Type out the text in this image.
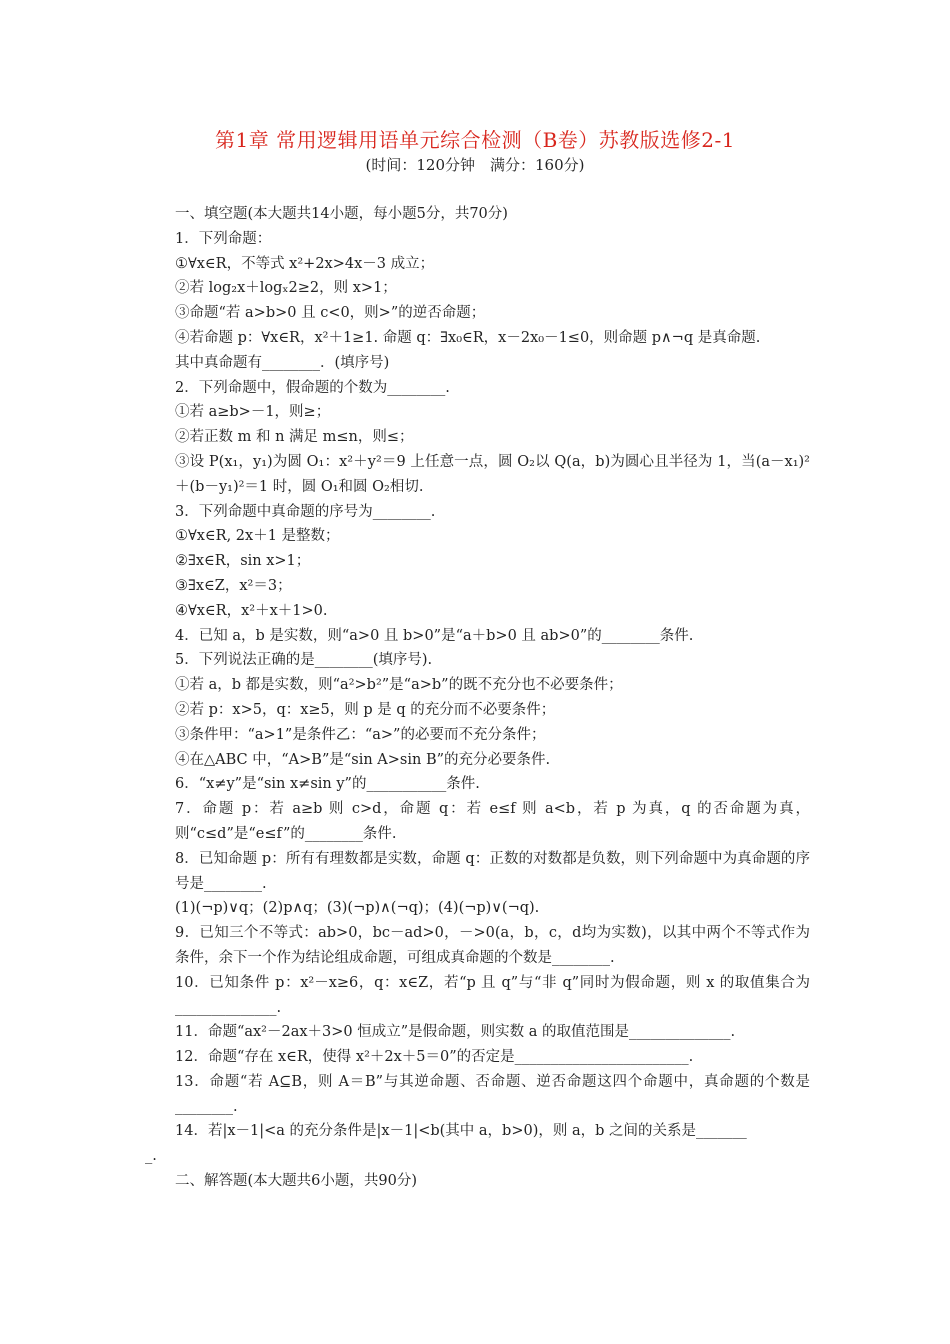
第1章 常用逻辑用语单元综合检测（B卷）苏教版选修2-1
(时间：120分钟　满分：160分)
一、填空题(本大题共14小题，每小题5分，共70分)
1．下列命题：
①∀x∈R，不等式 x²+2x>4x－3 成立；
②若 log₂x＋logₓ2≥2，则 x>1；
③命题“若 a>b>0 且 c<0，则>”的逆否命题；
④若命题 p：∀x∈R，x²＋1≥1. 命题 q：∃x₀∈R，x－2x₀－1≤0，则命题 p∧¬q 是真命题.
其中真命题有________．(填序号)
2．下列命题中，假命题的个数为________.
①若 a≥b>－1，则≥；
②若正数 m 和 n 满足 m≤n，则≤；
③设 P(x₁，y₁)为圆 O₁：x²＋y²＝9 上任意一点，圆 O₂以 Q(a，b)为圆心且半径为 1，当(a－x₁)²＋(b－y₁)²＝1 时，圆 O₁和圆 O₂相切.
3．下列命题中真命题的序号为________.
①∀x∈R, 2x＋1 是整数；
②∃x∈R，sin x>1；
③∃x∈Z，x²＝3；
④∀x∈R，x²＋x＋1>0.
4．已知 a，b 是实数，则“a>0 且 b>0”是“a＋b>0 且 ab>0”的________条件.
5．下列说法正确的是________(填序号).
①若 a，b 都是实数，则“a²>b²”是“a>b”的既不充分也不必要条件；
②若 p：x>5，q：x≥5，则 p 是 q 的充分而不必要条件；
③条件甲：“a>1”是条件乙：“a>”的必要而不充分条件；
④在△ABC 中，“A>B”是“sin A>sin B”的充分必要条件.
6．“x≠y”是“sin x≠sin y”的___________条件.
7．命题 p：若 a≥b 则 c>d，命题 q：若 e≤f 则 a<b，若 p 为真，q 的否命题为真，则“c≤d”是“e≤f”的________条件.
8．已知命题 p：所有有理数都是实数，命题 q：正数的对数都是负数，则下列命题中为真命题的序号是________.
(1)(¬p)∨q；(2)p∧q；(3)(¬p)∧(¬q)；(4)(¬p)∨(¬q).
9．已知三个不等式：ab>0，bc－ad>0，－>0(a，b，c，d均为实数)，以其中两个不等式作为条件，余下一个作为结论组成命题，可组成真命题的个数是________.
10．已知条件 p：x²－x≥6，q：x∈Z，若“p 且 q”与“非 q”同时为假命题，则 x 的取值集合为______________.
11．命题“ax²－2ax＋3>0 恒成立”是假命题，则实数 a 的取值范围是______________.
12．命题“存在 x∈R，使得 x²＋2x＋5＝0”的否定是________________________.
13．命题“若 A⊆B，则 A＝B”与其逆命题、否命题、逆否命题这四个命题中，真命题的个数是________.
14．若|x－1|<a 的充分条件是|x－1|<b(其中 a，b>0)，则 a，b 之间的关系是_______
_.
二、解答题(本大题共6小题，共90分)
